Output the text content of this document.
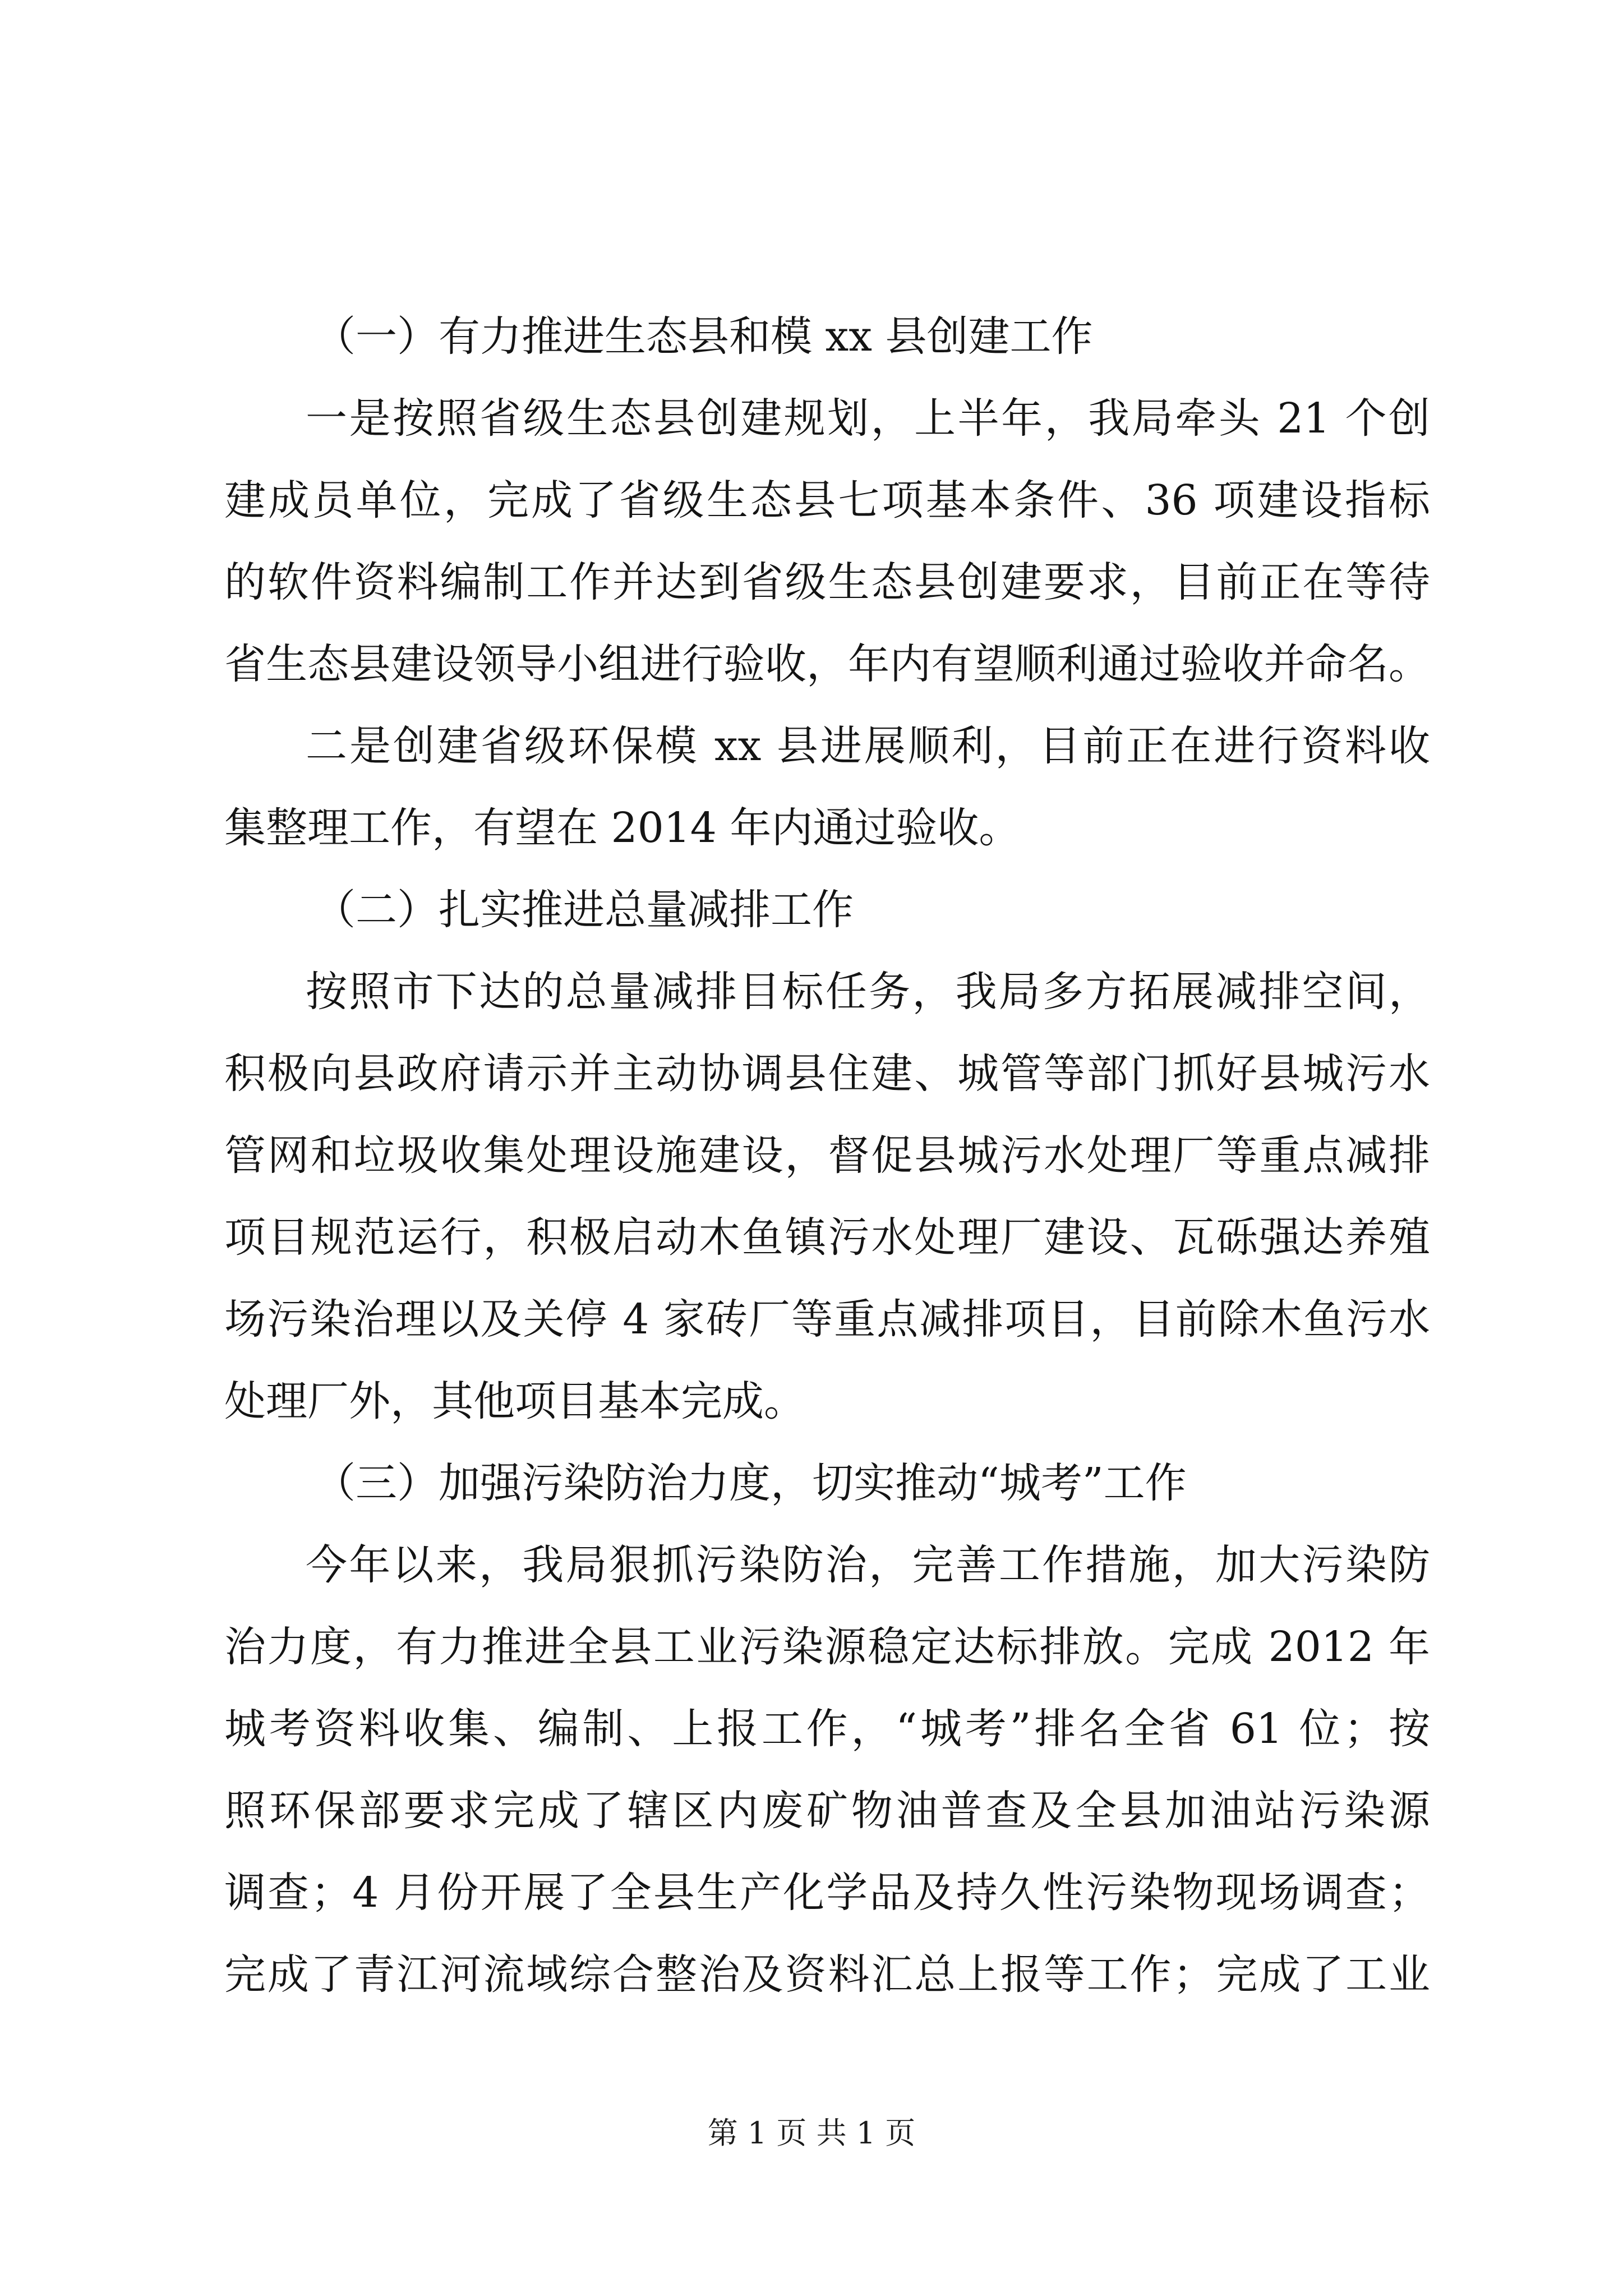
（一）有力推进生态县和模 xx 县创建工作
一是按照省级生态县创建规划，上半年，我局牵头 21 个创
建成员单位，完成了省级生态县七项基本条件、36 项建设指标
的软件资料编制工作并达到省级生态县创建要求，目前正在等待
省生态县建设领导小组进行验收，年内有望顺利通过验收并命名。
二是创建省级环保模 xx 县进展顺利，目前正在进行资料收
集整理工作，有望在 2014 年内通过验收。
（二）扎实推进总量减排工作
按照市下达的总量减排目标任务，我局多方拓展减排空间，
积极向县政府请示并主动协调县住建、城管等部门抓好县城污水
管网和垃圾收集处理设施建设，督促县城污水处理厂等重点减排
项目规范运行，积极启动木鱼镇污水处理厂建设、瓦砾强达养殖
场污染治理以及关停 4 家砖厂等重点减排项目，目前除木鱼污水
处理厂外，其他项目基本完成。
（三）加强污染防治力度，切实推动“城考”工作
今年以来，我局狠抓污染防治，完善工作措施，加大污染防
治力度，有力推进全县工业污染源稳定达标排放。完成 2012 年
城考资料收集、编制、上报工作，“城考”排名全省 61 位；按
照环保部要求完成了辖区内废矿物油普查及全县加油站污染源
调查；4 月份开展了全县生产化学品及持久性污染物现场调查；
完成了青江河流域综合整治及资料汇总上报等工作；完成了工业
第 1 页 共 1 页
